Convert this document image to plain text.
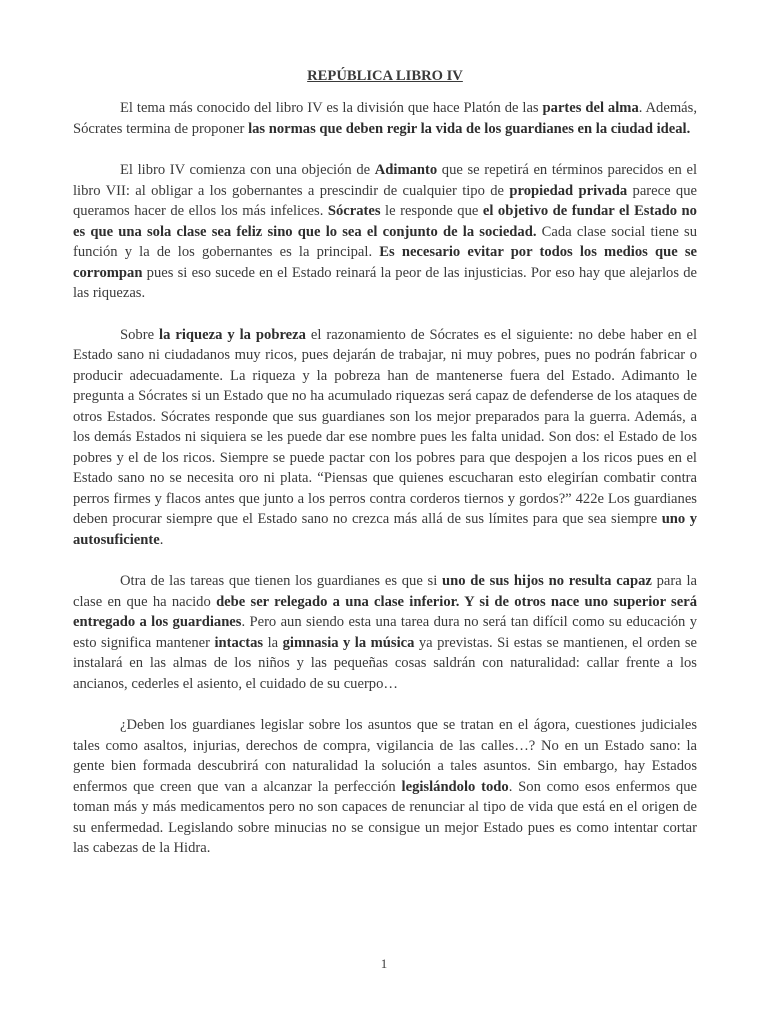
REPÚBLICA LIBRO IV

El tema más conocido del libro IV es la división que hace Platón de las partes del alma. Además, Sócrates termina de proponer las normas que deben regir la vida de los guardianes en la ciudad ideal.

El libro IV comienza con una objeción de Adimanto que se repetirá en términos parecidos en el libro VII: al obligar a los gobernantes a prescindir de cualquier tipo de propiedad privada parece que queramos hacer de ellos los más infelices. Sócrates le responde que el objetivo de fundar el Estado no es que una sola clase sea feliz sino que lo sea el conjunto de la sociedad. Cada clase social tiene su función y la de los gobernantes es la principal. Es necesario evitar por todos los medios que se corrompan pues si eso sucede en el Estado reinará la peor de las injusticias. Por eso hay que alejarlos de las riquezas.

Sobre la riqueza y la pobreza el razonamiento de Sócrates es el siguiente: no debe haber en el Estado sano ni ciudadanos muy ricos, pues dejarán de trabajar, ni muy pobres, pues no podrán fabricar o producir adecuadamente. La riqueza y la pobreza han de mantenerse fuera del Estado. Adimanto le pregunta a Sócrates si un Estado que no ha acumulado riquezas será capaz de defenderse de los ataques de otros Estados. Sócrates responde que sus guardianes son los mejor preparados para la guerra. Además, a los demás Estados ni siquiera se les puede dar ese nombre pues les falta unidad. Son dos: el Estado de los pobres y el de los ricos. Siempre se puede pactar con los pobres para que despojen a los ricos pues en el Estado sano no se necesita oro ni plata. “Piensas que quienes escucharan esto elegirían combatir contra perros firmes y flacos antes que junto a los perros contra corderos tiernos y gordos?” 422e Los guardianes deben procurar siempre que el Estado sano no crezca más allá de sus límites para que sea siempre uno y autosuficiente.

Otra de las tareas que tienen los guardianes es que si uno de sus hijos no resulta capaz para la clase en que ha nacido debe ser relegado a una clase inferior. Y si de otros nace uno superior será entregado a los guardianes. Pero aun siendo esta una tarea dura no será tan difícil como su educación y esto significa mantener intactas la gimnasia y la música ya previstas. Si estas se mantienen, el orden se instalará en las almas de los niños y las pequeñas cosas saldrán con naturalidad: callar frente a los ancianos, cederles el asiento, el cuidado de su cuerpo…

¿Deben los guardianes legislar sobre los asuntos que se tratan en el ágora, cuestiones judiciales tales como asaltos, injurias, derechos de compra, vigilancia de las calles…? No en un Estado sano: la gente bien formada descubrirá con naturalidad la solución a tales asuntos. Sin embargo, hay Estados enfermos que creen que van a alcanzar la perfección legislándolo todo. Son como esos enfermos que toman más y más medicamentos pero no son capaces de renunciar al tipo de vida que está en el origen de su enfermedad. Legislando sobre minucias no se consigue un mejor Estado pues es como intentar cortar las cabezas de la Hidra.

1
